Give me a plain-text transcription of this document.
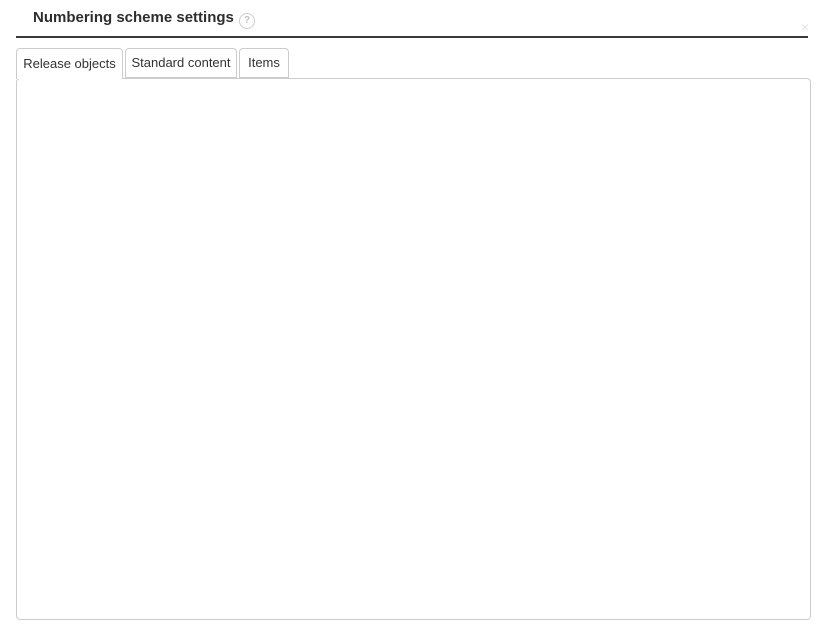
Numbering scheme settings	?	×
Release objects	Standard content	Items
PRT-
ASM-
DWG-
FILE-
3
1052
